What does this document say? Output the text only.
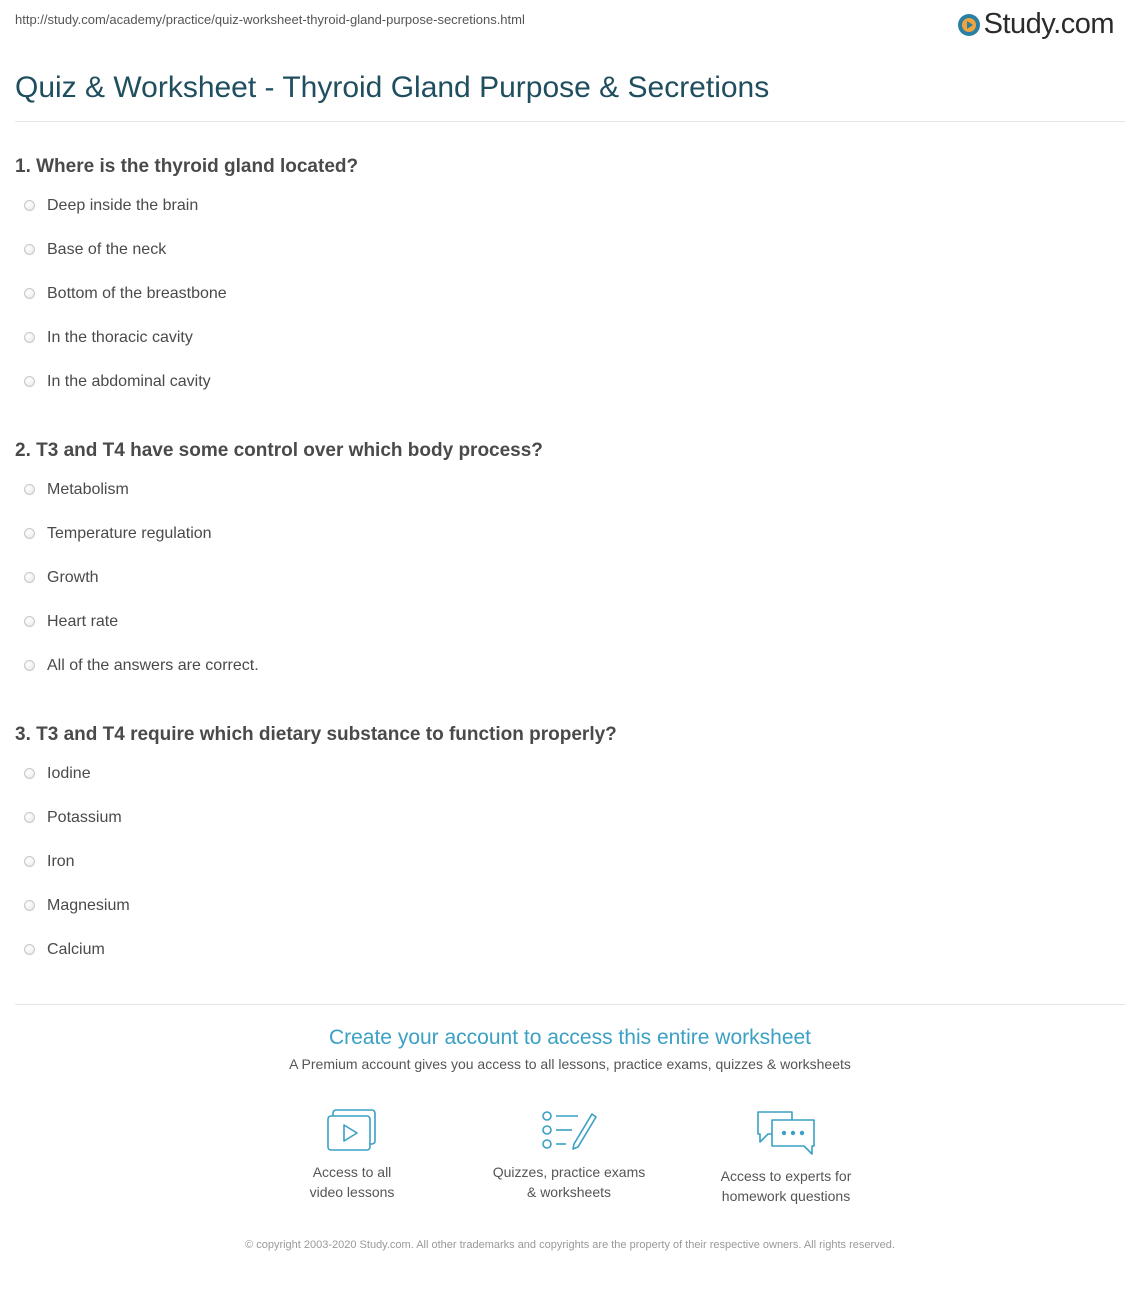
http://study.com/academy/practice/quiz-worksheet-thyroid-gland-purpose-secretions.html	Study.com
Quiz & Worksheet - Thyroid Gland Purpose & Secretions
1. Where is the thyroid gland located?
Deep inside the brain
Base of the neck
Bottom of the breastbone
In the thoracic cavity
In the abdominal cavity
2. T3 and T4 have some control over which body process?
Metabolism
Temperature regulation
Growth
Heart rate
All of the answers are correct.
3. T3 and T4 require which dietary substance to function properly?
Iodine
Potassium
Iron
Magnesium
Calcium
Create your account to access this entire worksheet
A Premium account gives you access to all lessons, practice exams, quizzes & worksheets
Access to all
video lessons
Quizzes, practice exams
& worksheets
Access to experts for
homework questions
© copyright 2003-2020 Study.com. All other trademarks and copyrights are the property of their respective owners. All rights reserved.
